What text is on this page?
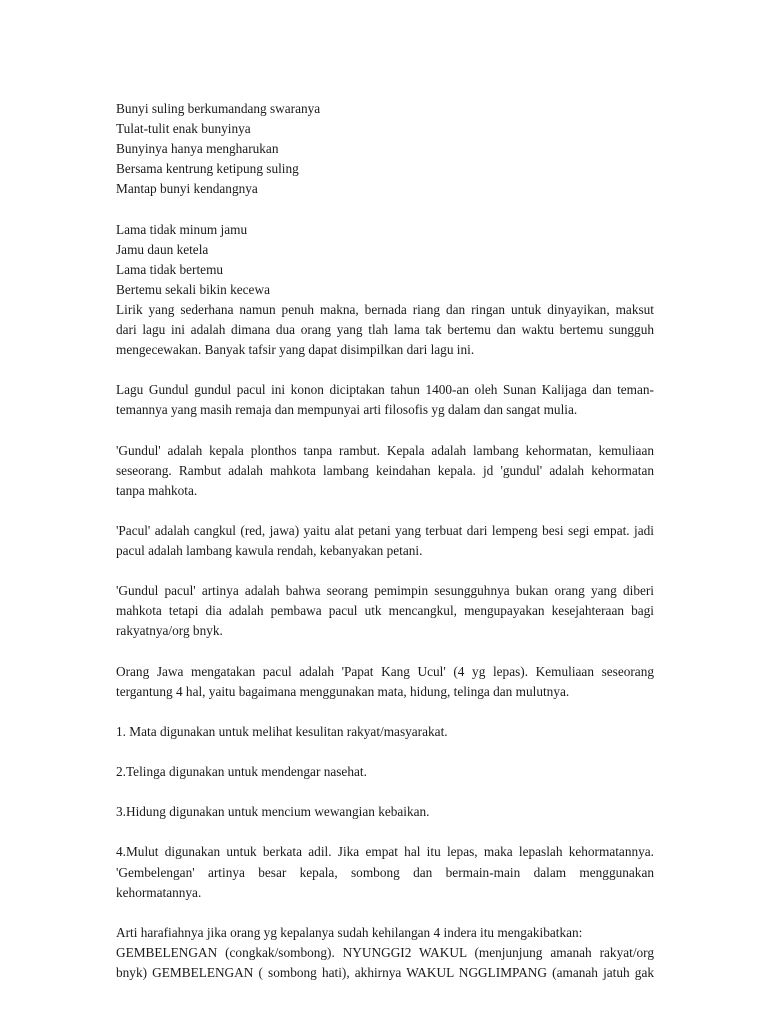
Bunyi suling berkumandang swaranya
Tulat-tulit enak bunyinya
Bunyinya hanya mengharukan
Bersama kentrung ketipung suling
Mantap bunyi kendangnya
Lama tidak minum jamu
Jamu daun ketela
Lama tidak bertemu
Bertemu sekali bikin kecewa
Lirik yang sederhana namun penuh makna, bernada riang dan ringan untuk dinyayikan, maksut
dari lagu ini adalah dimana dua orang yang tlah lama tak bertemu dan waktu bertemu sungguh
mengecewakan. Banyak tafsir yang dapat disimpilkan dari lagu ini.
Lagu Gundul gundul pacul ini konon diciptakan tahun 1400-an oleh Sunan Kalijaga dan teman-
temannya yang masih remaja dan mempunyai arti filosofis yg dalam dan sangat mulia.
'Gundul' adalah kepala plonthos tanpa rambut. Kepala adalah lambang kehormatan, kemuliaan
seseorang. Rambut adalah mahkota lambang keindahan kepala. jd 'gundul' adalah kehormatan
tanpa mahkota.
'Pacul' adalah cangkul (red, jawa) yaitu alat petani yang terbuat dari lempeng besi segi empat. jadi
pacul adalah lambang kawula rendah, kebanyakan petani.
'Gundul pacul' artinya adalah bahwa seorang pemimpin sesungguhnya bukan orang yang diberi
mahkota tetapi dia adalah pembawa pacul utk mencangkul, mengupayakan kesejahteraan bagi
rakyatnya/org bnyk.
Orang Jawa mengatakan pacul adalah 'Papat Kang Ucul' (4 yg lepas). Kemuliaan seseorang
tergantung 4 hal, yaitu bagaimana menggunakan mata, hidung, telinga dan mulutnya.
1. Mata digunakan untuk melihat kesulitan rakyat/masyarakat.
2.Telinga digunakan untuk mendengar nasehat.
3.Hidung digunakan untuk mencium wewangian kebaikan.
4.Mulut digunakan untuk berkata adil. Jika empat hal itu lepas, maka lepaslah kehormatannya.
'Gembelengan' artinya besar kepala, sombong dan bermain-main dalam menggunakan
kehormatannya.
Arti harafiahnya jika orang yg kepalanya sudah kehilangan 4 indera itu mengakibatkan:
GEMBELENGAN (congkak/sombong). NYUNGGI2 WAKUL (menjunjung amanah rakyat/org
bnyk) GEMBELENGAN ( sombong hati), akhirnya WAKUL NGGLIMPANG (amanah jatuh gak
